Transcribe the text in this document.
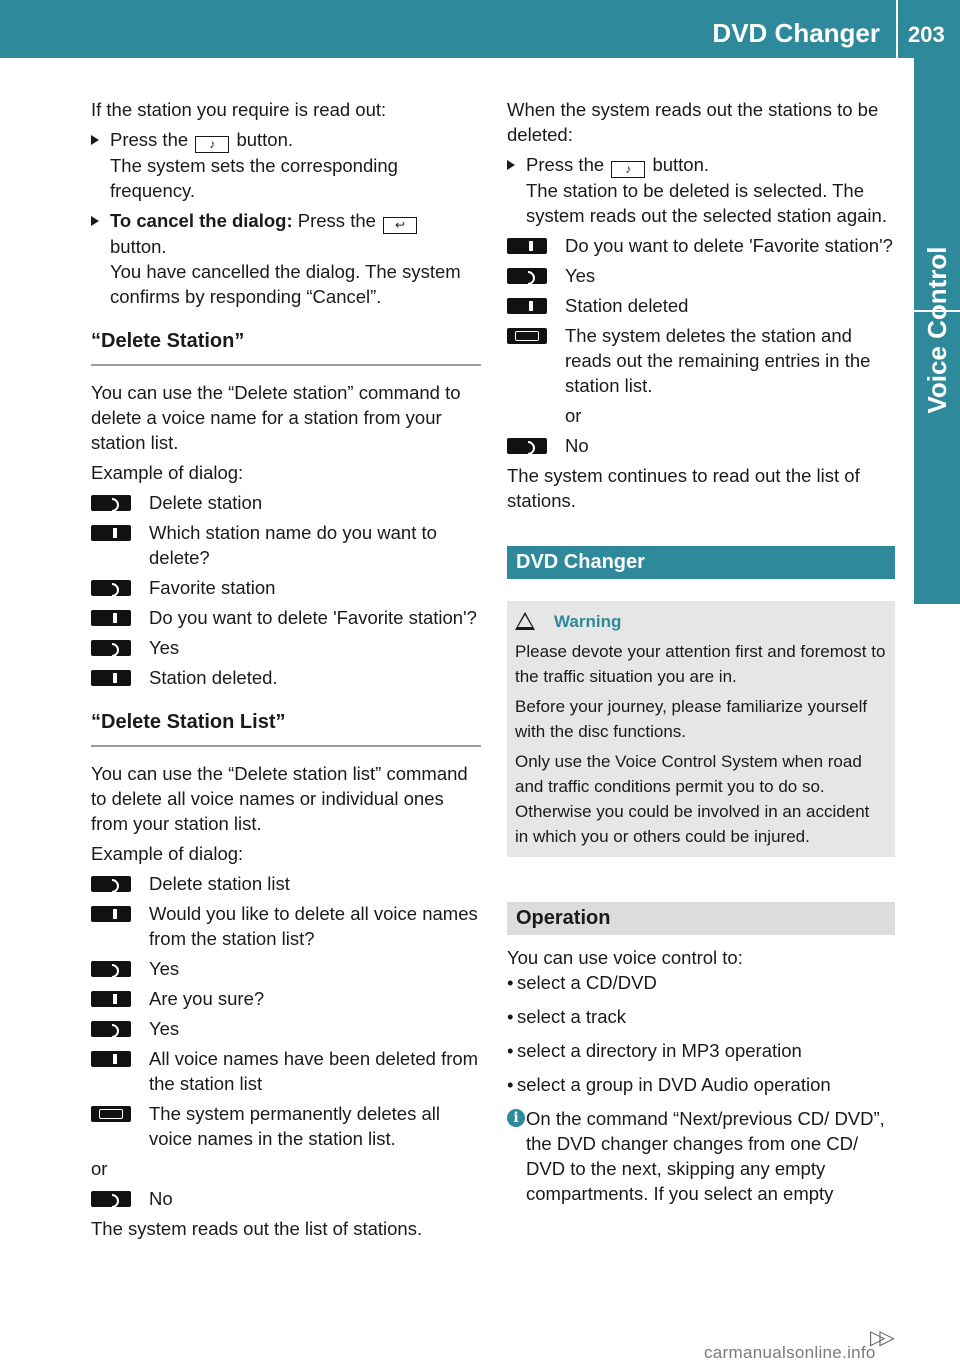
DVD Changer 203
Voice Control

If the station you require is read out:

Press the ♪ button.
The system sets the corresponding frequency.
To cancel the dialog: Press the ↩
button.
You have cancelled the dialog. The system confirms by responding “Cancel”.
“Delete Station”

You can use the “Delete station” command to delete a voice name for a station from your station list.

Example of dialog:

Delete station
Which station name do you want to delete?
Favorite station
Do you want to delete 'Favorite station'?
Yes
Station deleted.
“Delete Station List”

You can use the “Delete station list” command to delete all voice names or individual ones from your station list.

Example of dialog:

Delete station list
Would you like to delete all voice names from the station list?
Yes
Are you sure?
Yes
All voice names have been deleted from the station list
The system permanently deletes all voice names in the station list.

or

No

The system reads out the list of stations.

When the system reads out the stations to be deleted:

Press the ♪ button.
The station to be deleted is selected. The system reads out the selected station again.
Do you want to delete 'Favorite station'?
Yes
Station deleted
The system deletes the station and reads out the remaining entries in the station list.
or
No

The system continues to read out the list of stations.

DVD Changer

Warning

Please devote your attention first and foremost to the traffic situation you are in.

Before your journey, please familiarize yourself with the disc functions.

Only use the Voice Control System when road and traffic conditions permit you to do so. Otherwise you could be involved in an accident in which you or others could be injured.

Operation

You can use voice control to:

• select a CD/DVD
• select a track
• select a directory in MP3 operation
• select a group in DVD Audio operation
i On the command “Next/previous CD/ DVD”, the DVD changer changes from one CD/ DVD to the next, skipping any empty compartments. If you select an empty
▷▷
carmanualsonline.info
